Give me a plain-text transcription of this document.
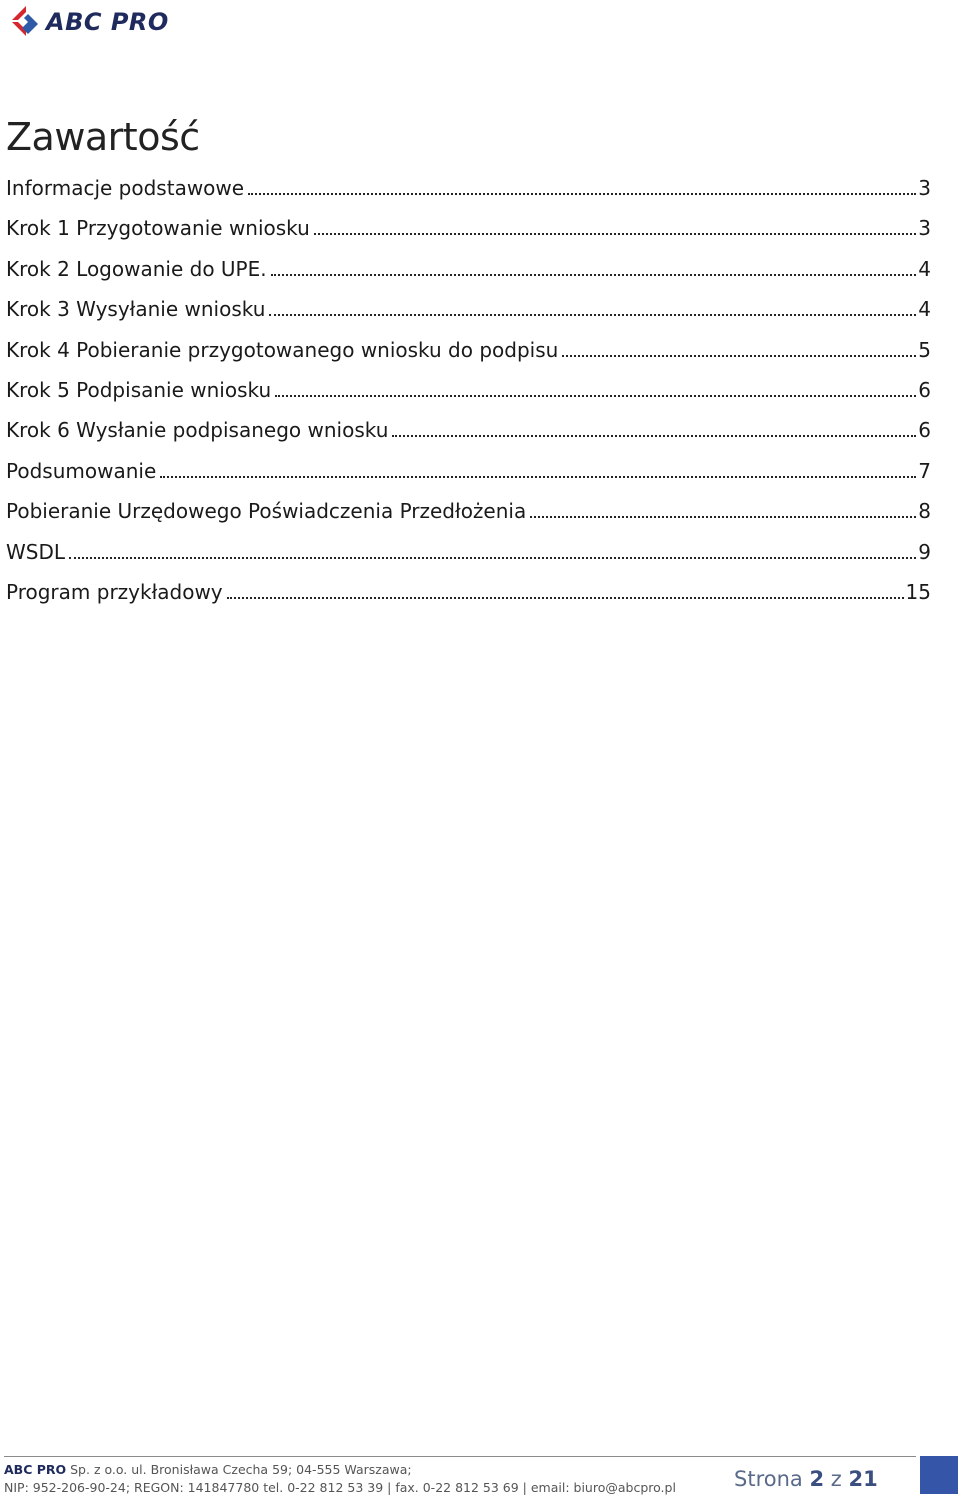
ABC PRO
Zawartość
Informacje podstawowe	3
Krok 1 Przygotowanie wniosku	3
Krok 2 Logowanie do UPE.	4
Krok 3 Wysyłanie wniosku	4
Krok 4 Pobieranie przygotowanego wniosku do podpisu	5
Krok 5 Podpisanie wniosku	6
Krok 6 Wysłanie podpisanego wniosku	6
Podsumowanie	7
Pobieranie Urzędowego Poświadczenia Przedłożenia	8
WSDL	9
Program przykładowy	15
ABC PRO Sp. z o.o. ul. Bronisława Czecha 59; 04-555 Warszawa;
NIP: 952-206-90-24; REGON: 141847780 tel. 0-22 812 53 39 | fax. 0-22 812 53 69 | email: biuro@abcpro.pl	Strona 2 z 21
